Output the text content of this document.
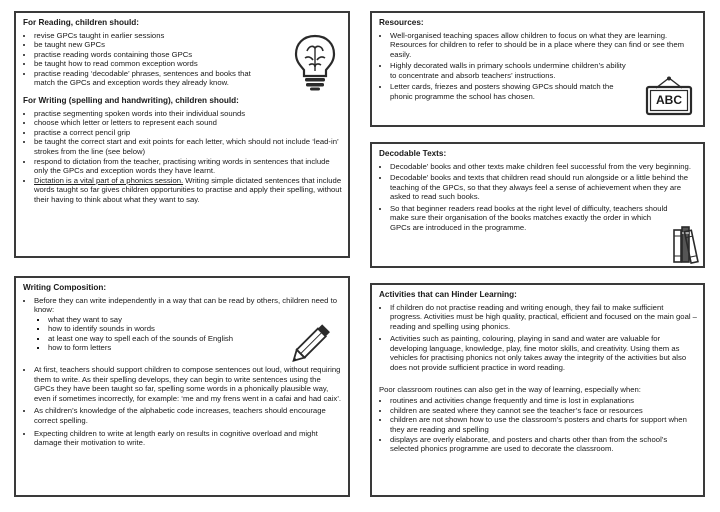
For Reading, children should:
• revise GPCs taught in earlier sessions
• be taught new GPCs
• practise reading words containing those GPCs
• be taught how to read common exception words
• practise reading ‘decodable’ phrases, sentences and books that match the GPCs and exception words they already know.
For Writing (spelling and handwriting), children should:
• practise segmenting spoken words into their individual sounds
• choose which letter or letters to represent each sound
• practise a correct pencil grip
• be taught the correct start and exit points for each letter, which should not include ‘lead-in’ strokes from the line (see below)
• respond to dictation from the teacher, practising writing words in sentences that include only the GPCs and exception words they have learnt.
• Dictation is a vital part of a phonics session. Writing simple dictated sentences that include words taught so far gives children opportunities to practise and apply their spelling, without their having to think about what they want to say.
Writing Composition:
• Before they can write independently in a way that can be read by others, children need to know:
▪ what they want to say
▪ how to identify sounds in words
▪ at least one way to spell each of the sounds of English
▪ how to form letters
• At first, teachers should support children to compose sentences out loud, without requiring them to write. As their spelling develops, they can begin to write sentences using the GPCs they have been taught so far, spelling some words in a phonically plausible way, even if sometimes incorrectly, for example: ‘me and my frens went in a cafai and had caix’.
• As children’s knowledge of the alphabetic code increases, teachers should encourage correct spelling.
• Expecting children to write at length early on results in cognitive overload and might damage their motivation to write.
Resources:
• Well-organised teaching spaces allow children to focus on what they are learning. Resources for children to refer to should be in a place where they can find or see them easily.
• Highly decorated walls in primary schools undermine children’s ability to concentrate and absorb teachers’ instructions.
• Letter cards, friezes and posters showing GPCs should match the phonic programme the school has chosen.	ABC
Decodable Texts:
• Decodable’ books and other texts make children feel successful from the very beginning.
• Decodable’ books and texts that children read should run alongside or a little behind the teaching of the GPCs, so that they always feel a sense of achievement when they are asked to read such books.
• So that beginner readers read books at the right level of difficulty, teachers should make sure their organisation of the books matches exactly the order in which GPCs are introduced in the programme.
Activities that can Hinder Learning:
• If children do not practise reading and writing enough, they fail to make sufficient progress. Activities must be high quality, practical, efficient and focused on the main goal – reading and spelling using phonics.
• Activities such as painting, colouring, playing in sand and water are valuable for developing language, knowledge, play, fine motor skills, and creativity. Using them as vehicles for practising phonics not only takes away the integrity of the activities but also does not provide sufficient practice in word reading.

Poor classroom routines can also get in the way of learning, especially when:

• routines and activities change frequently and time is lost in explanations
• children are seated where they cannot see the teacher’s face or resources
• children are not shown how to use the classroom’s posters and charts for support when they are reading and spelling
• displays are overly elaborate, and posters and charts other than from the school’s selected phonics programme are used to decorate the classroom.
